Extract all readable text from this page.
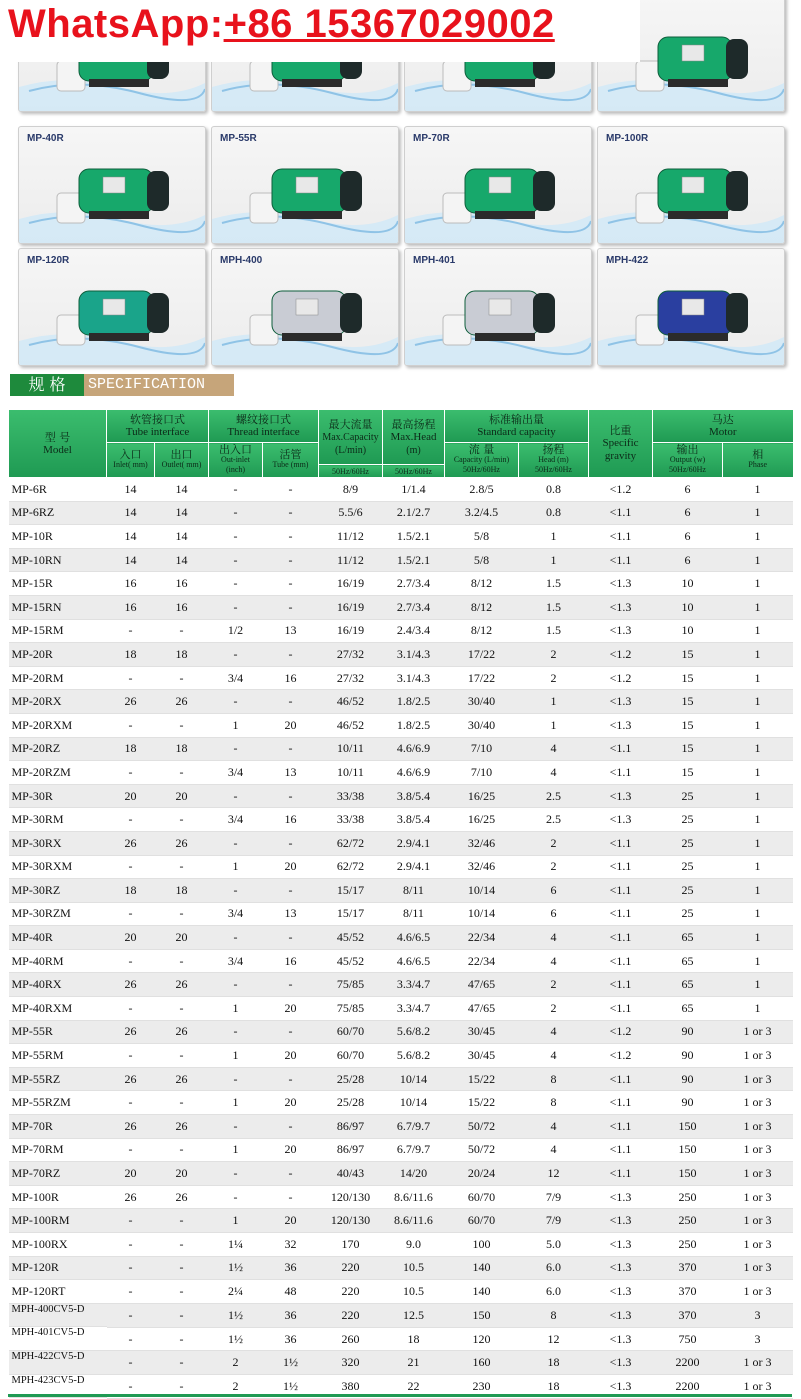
MP-40R	MP-55R	MP-70R	MP-100R
MP-120R	MPH-400	MPH-401	MPH-422
WhatsApp:+86 15367029002
规 格	SPECIFICATION
型 号
Model	软管接口式
Tube interface		螺纹接口式
Thread interface		最大流量
Max.Capacity
(L/min)	最高扬程
Max.Head
(m)	标准输出量
Standard capacity		比重
Specific
gravity	马达
Motor	

	入口
Inlet( mm)	出口
Outlet( mm)	出入口
Out-inlet
(inch)	活管
Tube (mm)			流 量
Capacity (L/min)
50Hz/60Hz	扬程
Head (m)
50Hz/60Hz		输出
Output (w)
50Hz/60Hz	相
Phase

					50Hz/60Hz	50Hz/60Hz					
MP-6R	14	14	-	-	8/9	1/1.4	2.8/5	0.8	<1.2	6	1
MP-6RZ	14	14	-	-	5.5/6	2.1/2.7	3.2/4.5	0.8	<1.1	6	1
MP-10R	14	14	-	-	11/12	1.5/2.1	5/8	1	<1.1	6	1
MP-10RN	14	14	-	-	11/12	1.5/2.1	5/8	1	<1.1	6	1
MP-15R	16	16	-	-	16/19	2.7/3.4	8/12	1.5	<1.3	10	1
MP-15RN	16	16	-	-	16/19	2.7/3.4	8/12	1.5	<1.3	10	1
MP-15RM	-	-	1/2	13	16/19	2.4/3.4	8/12	1.5	<1.3	10	1
MP-20R	18	18	-	-	27/32	3.1/4.3	17/22	2	<1.2	15	1
MP-20RM	-	-	3/4	16	27/32	3.1/4.3	17/22	2	<1.2	15	1
MP-20RX	26	26	-	-	46/52	1.8/2.5	30/40	1	<1.3	15	1
MP-20RXM	-	-	1	20	46/52	1.8/2.5	30/40	1	<1.3	15	1
MP-20RZ	18	18	-	-	10/11	4.6/6.9	7/10	4	<1.1	15	1
MP-20RZM	-	-	3/4	13	10/11	4.6/6.9	7/10	4	<1.1	15	1
MP-30R	20	20	-	-	33/38	3.8/5.4	16/25	2.5	<1.3	25	1
MP-30RM	-	-	3/4	16	33/38	3.8/5.4	16/25	2.5	<1.3	25	1
MP-30RX	26	26	-	-	62/72	2.9/4.1	32/46	2	<1.1	25	1
MP-30RXM	-	-	1	20	62/72	2.9/4.1	32/46	2	<1.1	25	1
MP-30RZ	18	18	-	-	15/17	8/11	10/14	6	<1.1	25	1
MP-30RZM	-	-	3/4	13	15/17	8/11	10/14	6	<1.1	25	1
MP-40R	20	20	-	-	45/52	4.6/6.5	22/34	4	<1.1	65	1
MP-40RM	-	-	3/4	16	45/52	4.6/6.5	22/34	4	<1.1	65	1
MP-40RX	26	26	-	-	75/85	3.3/4.7	47/65	2	<1.1	65	1
MP-40RXM	-	-	1	20	75/85	3.3/4.7	47/65	2	<1.1	65	1
MP-55R	26	26	-	-	60/70	5.6/8.2	30/45	4	<1.2	90	1 or 3
MP-55RM	-	-	1	20	60/70	5.6/8.2	30/45	4	<1.2	90	1 or 3
MP-55RZ	26	26	-	-	25/28	10/14	15/22	8	<1.1	90	1 or 3
MP-55RZM	-	-	1	20	25/28	10/14	15/22	8	<1.1	90	1 or 3
MP-70R	26	26	-	-	86/97	6.7/9.7	50/72	4	<1.1	150	1 or 3
MP-70RM	-	-	1	20	86/97	6.7/9.7	50/72	4	<1.1	150	1 or 3
MP-70RZ	20	20	-	-	40/43	14/20	20/24	12	<1.1	150	1 or 3
MP-100R	26	26	-	-	120/130	8.6/11.6	60/70	7/9	<1.3	250	1 or 3
MP-100RM	-	-	1	20	120/130	8.6/11.6	60/70	7/9	<1.3	250	1 or 3
MP-100RX	-	-	1¼	32	170	9.0	100	5.0	<1.3	250	1 or 3
MP-120R	-	-	1½	36	220	10.5	140	6.0	<1.3	370	1 or 3
MP-120RT	-	-	2¼	48	220	10.5	140	6.0	<1.3	370	1 or 3

MPH-400CV5-D	-	-	1½	36	220	12.5	150	8	<1.3	370	3

MPH-401CV5-D	-	-	1½	36	260	18	120	12	<1.3	750	3

MPH-422CV5-D	-	-	2	1½	320	21	160	18	<1.3	2200	1 or 3

MPH-423CV5-D	-	-	2	1½	380	22	230	18	<1.3	2200	1 or 3
